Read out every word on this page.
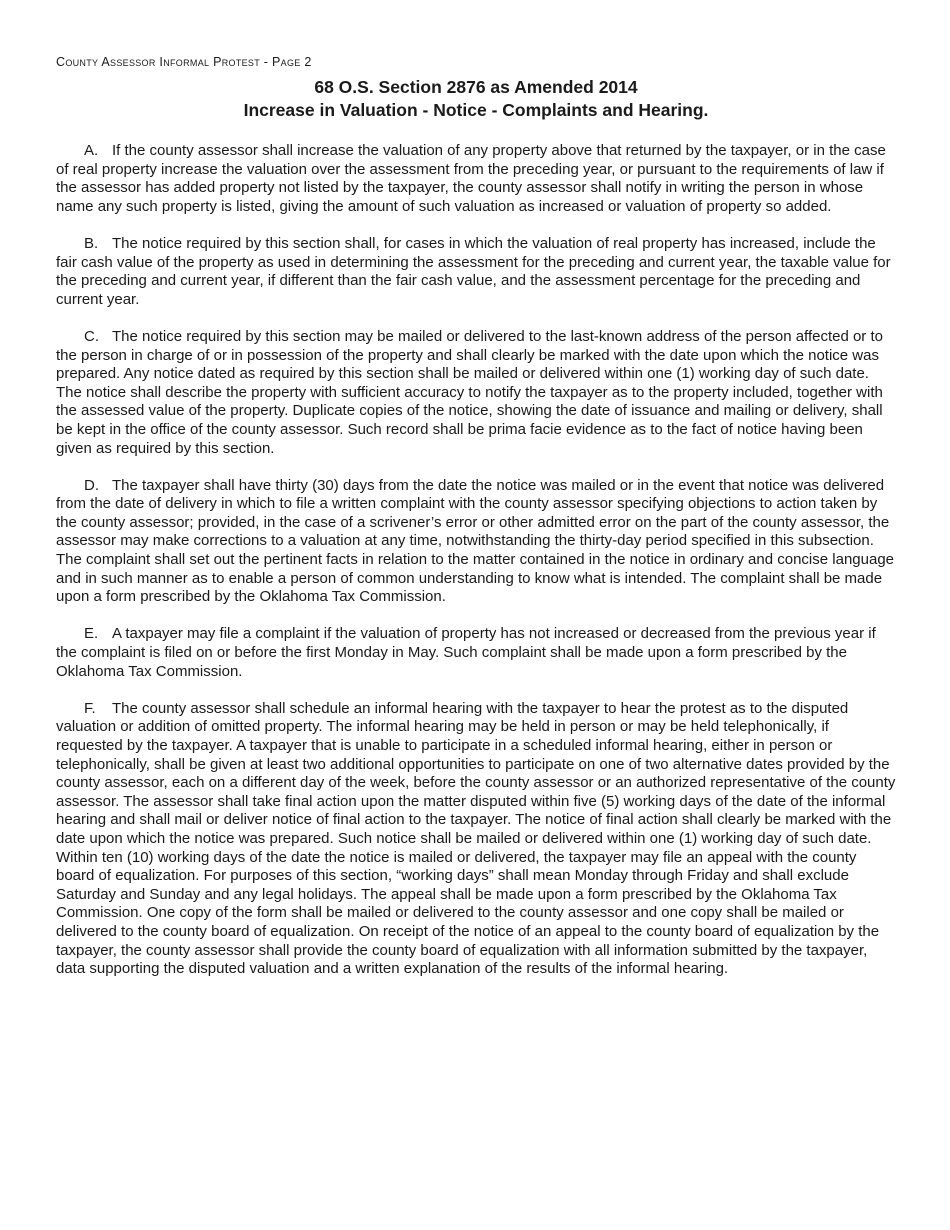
County Assessor Informal Protest - Page 2
68 O.S. Section 2876 as Amended 2014
Increase in Valuation - Notice - Complaints and Hearing.

A. If the county assessor shall increase the valuation of any property above that returned by the taxpayer, or in the case of real property increase the valuation over the assessment from the preceding year, or pursuant to the requirements of law if the assessor has added property not listed by the taxpayer, the county assessor shall notify in writing the person in whose name any such property is listed, giving the amount of such valuation as increased or valuation of property so added.

B. The notice required by this section shall, for cases in which the valuation of real property has increased, include the fair cash value of the property as used in determining the assessment for the preceding and current year, the taxable value for the preceding and current year, if different than the fair cash value, and the assessment percentage for the preceding and current year.

C. The notice required by this section may be mailed or delivered to the last-known address of the person affected or to the person in charge of or in possession of the property and shall clearly be marked with the date upon which the notice was prepared. Any notice dated as required by this section shall be mailed or delivered within one (1) working day of such date. The notice shall describe the property with sufficient accuracy to notify the taxpayer as to the property included, together with the assessed value of the property. Duplicate copies of the notice, showing the date of issuance and mailing or delivery, shall be kept in the office of the county assessor. Such record shall be prima facie evidence as to the fact of notice having been given as required by this section.

D. The taxpayer shall have thirty (30) days from the date the notice was mailed or in the event that notice was delivered from the date of delivery in which to file a written complaint with the county assessor specifying objections to action taken by the county assessor; provided, in the case of a scrivener’s error or other admitted error on the part of the county assessor, the assessor may make corrections to a valuation at any time, notwithstanding the thirty-day period specified in this subsection. The complaint shall set out the pertinent facts in relation to the matter contained in the notice in ordinary and concise language and in such manner as to enable a person of common understanding to know what is intended. The complaint shall be made upon a form prescribed by the Oklahoma Tax Commission.

E. A taxpayer may file a complaint if the valuation of property has not increased or decreased from the previous year if the complaint is filed on or before the first Monday in May. Such complaint shall be made upon a form prescribed by the Oklahoma Tax Commission.

F. The county assessor shall schedule an informal hearing with the taxpayer to hear the protest as to the disputed valuation or addition of omitted property. The informal hearing may be held in person or may be held telephonically, if requested by the taxpayer. A taxpayer that is unable to participate in a scheduled informal hearing, either in person or telephonically, shall be given at least two additional opportunities to participate on one of two alternative dates provided by the county assessor, each on a different day of the week, before the county assessor or an authorized representative of the county assessor. The assessor shall take final action upon the matter disputed within five (5) working days of the date of the informal hearing and shall mail or deliver notice of final action to the taxpayer. The notice of final action shall clearly be marked with the date upon which the notice was prepared. Such notice shall be mailed or delivered within one (1) working day of such date. Within ten (10) working days of the date the notice is mailed or delivered, the taxpayer may file an appeal with the county board of equalization. For purposes of this section, “working days” shall mean Monday through Friday and shall exclude Saturday and Sunday and any legal holidays. The appeal shall be made upon a form prescribed by the Oklahoma Tax Commission. One copy of the form shall be mailed or delivered to the county assessor and one copy shall be mailed or delivered to the county board of equalization. On receipt of the notice of an appeal to the county board of equalization by the taxpayer, the county assessor shall provide the county board of equalization with all information submitted by the taxpayer, data supporting the disputed valuation and a written explanation of the results of the informal hearing.
